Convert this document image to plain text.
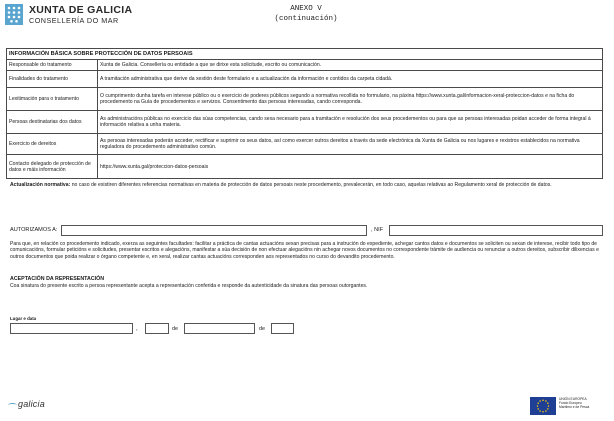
XUNTA DE GALICIA
CONSELLERÍA DO MAR
ANEXO V
(continuación)
INFORMACIÓN BÁSICA SOBRE PROTECCIÓN DE DATOS PERSOAIS	
Responsable do tratamento	Xunta de Galicia. Consellería ou entidade a que se dirixe esta solicitude, escrito ou comunicación.
Finalidades do tratamento	A tramitación administrativa que derive da xestión deste formulario e a actualización da información e contidos da carpeta cidadá.
Lexitimación para o tratamento	O cumprimento dunha tarefa en interese público ou o exercicio de poderes públicos segundo a normativa recollida no formulario, na páxina https://www.xunta.gal/informacion-xeral-proteccion-datos e na ficha do procedemento na Guía de procedementos e servizos. Consentimento das persoas interesadas, cando corresponda.
Persoas destinatarias dos datos	As administracións públicas no exercicio das súas competencias, cando sexa necesario para a tramitación e resolución dos seus procedementos ou para que as persoas interesadas poidan acceder de forma integral á información relativa a unha materia.
Exercicio de dereitos	As persoas interesadas poderán acceder, rectificar e suprimir os seus datos, así como exercer outros dereitos a través da sede electrónica da Xunta de Galicia ou nos lugares e rexistros establecidos na normativa reguladora do procedemento administrativo común.
Contacto delegado de protección de datos e máis información	https://www.xunta.gal/proteccion-datos-persoais
Actualización normativa: no caso de existiren diferentes referencias normativas en materia de protección de datos persoais neste procedemento, prevalecerán, en todo caso, aquelas relativas ao Regulamento xeral de protección de datos.
AUTORIZAMOS A:	, NIF
Para que, en relación co procedemento indicado, exerza as seguintes facultades: facilitar a práctica de cantas actuacións sexan precisas para a instrución do expediente, achegar cantos datos e documentos se soliciten ou sexan de interese, recibir todo tipo de comunicacións, formular peticións e solicitudes, presentar escritos e alegacións, manifestar a súa decisión de non efectuar alegacións nin achegar novos documentos no correspondente trámite de audiencia ou renunciar a outros dereitos, subscribir dilixencias e outros documentos que poida realizar o órgano competente e, en xeral, realizar cantas actuacións corresponden aos representados no curso do devandito procedemento.
ACEPTACIÓN DA REPRESENTACIÓN
Coa sinatura do presente escrito a persoa representante acepta a representación conferida e responde da autenticidade da sinatura das persoas outorgantes.
Lugar e data
,	de	de
galicia	UNIÓN EUROPEA
Fondo Europeo
Marítimo e de Pesca
